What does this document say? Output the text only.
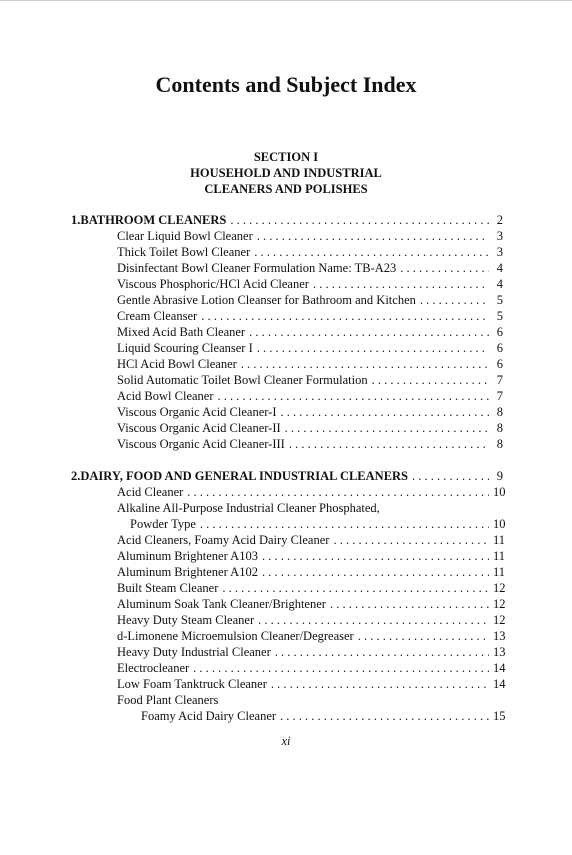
Contents and Subject Index
SECTION I
HOUSEHOLD AND INDUSTRIAL
CLEANERS AND POLISHES
1. BATHROOM CLEANERS . . .	2
Clear Liquid Bowl Cleaner . . .	3
Thick Toilet Bowl Cleaner . . .	3
Disinfectant Bowl Cleaner Formulation Name: TB-A23 . . .	4
Viscous Phosphoric/HCl Acid Cleaner . . .	4
Gentle Abrasive Lotion Cleanser for Bathroom and Kitchen . . .	5
Cream Cleanser . . .	5
Mixed Acid Bath Cleaner . . .	6
Liquid Scouring Cleanser I . . .	6
HCl Acid Bowl Cleaner . . .	6
Solid Automatic Toilet Bowl Cleaner Formulation . . .	7
Acid Bowl Cleaner . . .	7
Viscous Organic Acid Cleaner-I . . .	8
Viscous Organic Acid Cleaner-II . . .	8
Viscous Organic Acid Cleaner-III . . .	8
2. DAIRY, FOOD AND GENERAL INDUSTRIAL CLEANERS . . .	9
Acid Cleaner . . .	10
Alkaline All-Purpose Industrial Cleaner Phosphated,
Powder Type . . .	10
Acid Cleaners, Foamy Acid Dairy Cleaner . . .	11
Aluminum Brightener A103 . . .	11
Aluminum Brightener A102 . . .	11
Built Steam Cleaner . . .	12
Aluminum Soak Tank Cleaner/Brightener . . .	12
Heavy Duty Steam Cleaner . . .	12
d-Limonene Microemulsion Cleaner/Degreaser . . .	13
Heavy Duty Industrial Cleaner . . .	13
Electrocleaner . . .	14
Low Foam Tanktruck Cleaner . . .	14
Food Plant Cleaners
Foamy Acid Dairy Cleaner . . .	15
xi
